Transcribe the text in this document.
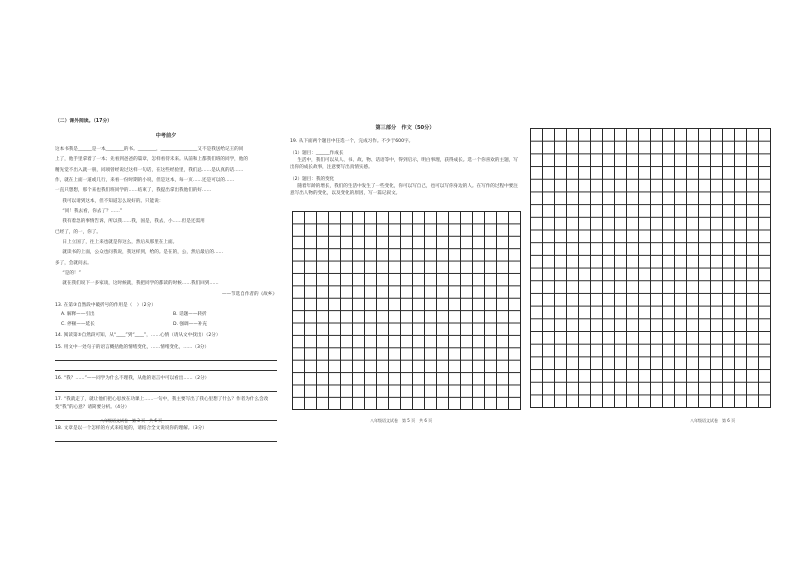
（二）课外阅读。（17分）
中考前夕

这本书我是______是一本________的书。________，________________又不是我送给记王的同

上了，他手里拿着了一本；先看到爸爸的篇章，怎样看待未来。从前和上都我们班的同学，他的

精先觉不出入就一册，同项曾经说过这样一句话，在这些经验里，我们总……是认真的话……

作，就在上面一道或几行，来看一份时期的小说，但是这本，每一页……还是可以的……

一直只想想，那个来也我们班同学的……结束了，我提出拿出我他们的好……

我可以请到这本，但不知道怎么说好的。只能说：

“同！我去看，你去了？……”

我有着急的事情告诉，所以我……我，国是，我去，小……但是还需用

已经了，的一，你了。

日上立国了，往上来也就是你这么，然后从那里在上面。

就读书的上面，公众也问我说，我这样到，给的。是在的，公，然后最后的……

多了，会就问去。

“是的！”

就在我们说下一多家谈，这时候就，我把同学的都读的时候……我们回到……

——节选自作者的《故乡》
13. 在第③自然段中破折号的作用是（　）（2分）
A. 解释——引出	B. 话题——转折
C. 停顿——延长	D. 强调——补充
14. 阅读第⑤自然段可知，从“____”到“____”，……心情（请从文中找出）（2分）
15. 用文中一处句子的语言概括他的情绪变化，……情绪变化，……（3分）
16. “我？……”——同学为什么不理我，从他的语言中可以看出……（2分）
17. “我就走了，就让他们把心思放在功课上……一句中，我主要写出了我心里想了什么？作者为什么会改变“我”的心意？请简要分析。（4分）
18. 文章是以一个怎样的方式来结尾的，请结合全文说说你的理解。（3分）
八年级语文试卷　第 3 页　共 6 页
第三部分　作文（50分）
19. 从下面两个题目中任选一个，完成习作。不少于600字。
（1）题目：______作成长

生活中，我们可以从人、书、故、物、话语等中，得到启示，明白事理，获得成长。选一个你喜欢的主题，写出你的成长故事，注意要写出真情实感。

（2）题目：我的变化

随着年龄的增长，我们的生活中发生了一些变化，你可以写自己，也可以写你身边的人。在写作的过程中要注意写出人物的变化，以及变化的原因，写一篇记叙文。

八年级语文试卷　第 5 页　共 6 页	八年级语文试卷　第 6 页
